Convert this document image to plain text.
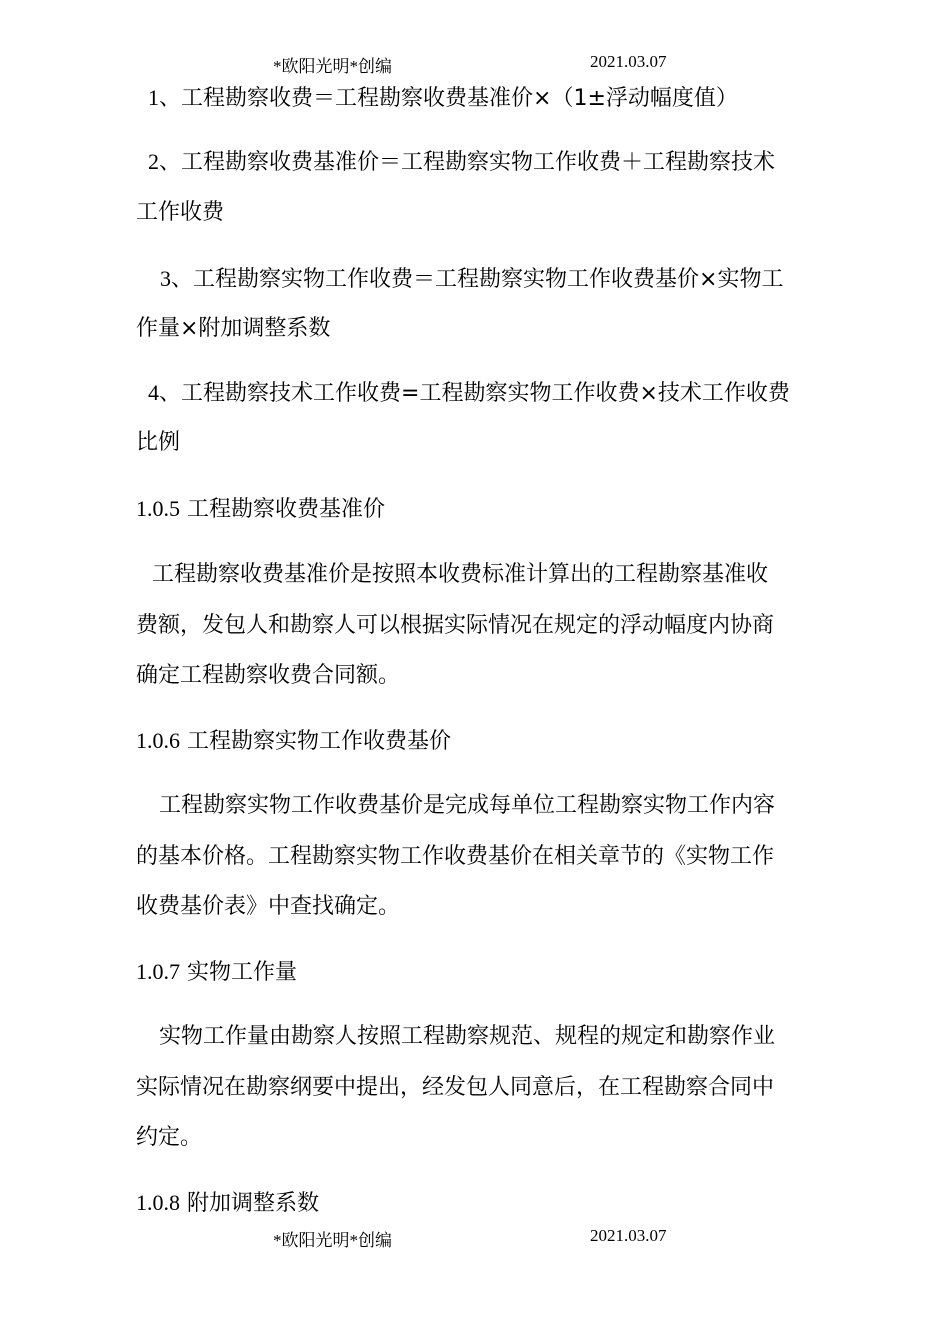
*欧阳光明*创编	2021.03.07
1、工程勘察收费＝工程勘察收费基准价×（1±浮动幅度值）
2、工程勘察收费基准价＝工程勘察实物工作收费＋工程勘察技术
工作收费
3、工程勘察实物工作收费＝工程勘察实物工作收费基价×实物工
作量×附加调整系数
4、工程勘察技术工作收费=工程勘察实物工作收费×技术工作收费
比例
1.0.5 工程勘察收费基准价
工程勘察收费基准价是按照本收费标准计算出的工程勘察基准收
费额，发包人和勘察人可以根据实际情况在规定的浮动幅度内协商
确定工程勘察收费合同额。
1.0.6 工程勘察实物工作收费基价
工程勘察实物工作收费基价是完成每单位工程勘察实物工作内容
的基本价格。工程勘察实物工作收费基价在相关章节的《实物工作
收费基价表》中查找确定。
1.0.7 实物工作量
实物工作量由勘察人按照工程勘察规范、规程的规定和勘察作业
实际情况在勘察纲要中提出，经发包人同意后，在工程勘察合同中
约定。
1.0.8 附加调整系数
*欧阳光明*创编	2021.03.07
